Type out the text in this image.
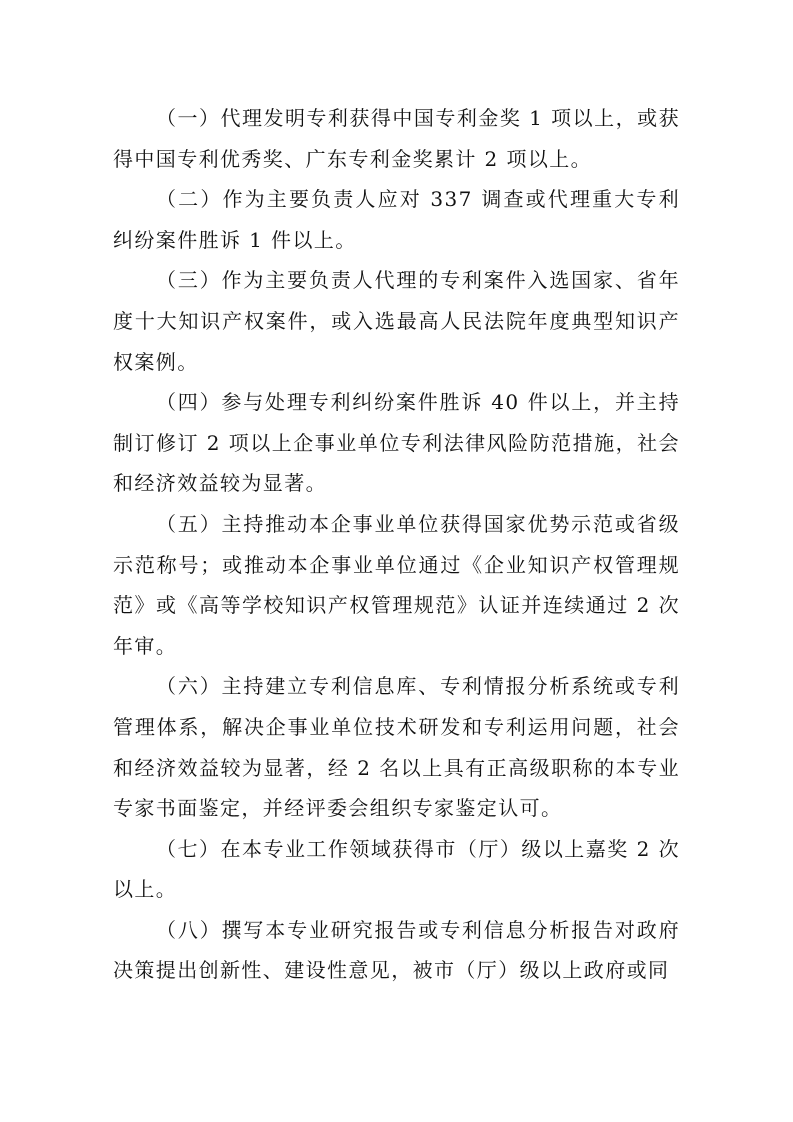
（一）代理发明专利获得中国专利金奖 1 项以上，或获得中国专利优秀奖、广东专利金奖累计 2 项以上。

（二）作为主要负责人应对 337 调查或代理重大专利纠纷案件胜诉 1 件以上。

（三）作为主要负责人代理的专利案件入选国家、省年度十大知识产权案件，或入选最高人民法院年度典型知识产权案例。

（四）参与处理专利纠纷案件胜诉 40 件以上，并主持制订修订 2 项以上企事业单位专利法律风险防范措施，社会和经济效益较为显著。

（五）主持推动本企事业单位获得国家优势示范或省级示范称号；或推动本企事业单位通过《企业知识产权管理规范》或《高等学校知识产权管理规范》认证并连续通过 2 次年审。

（六）主持建立专利信息库、专利情报分析系统或专利管理体系，解决企事业单位技术研发和专利运用问题，社会和经济效益较为显著，经 2 名以上具有正高级职称的本专业专家书面鉴定，并经评委会组织专家鉴定认可。

（七）在本专业工作领域获得市（厅）级以上嘉奖 2 次以上。

（八）撰写本专业研究报告或专利信息分析报告对政府决策提出创新性、建设性意见，被市（厅）级以上政府或同
